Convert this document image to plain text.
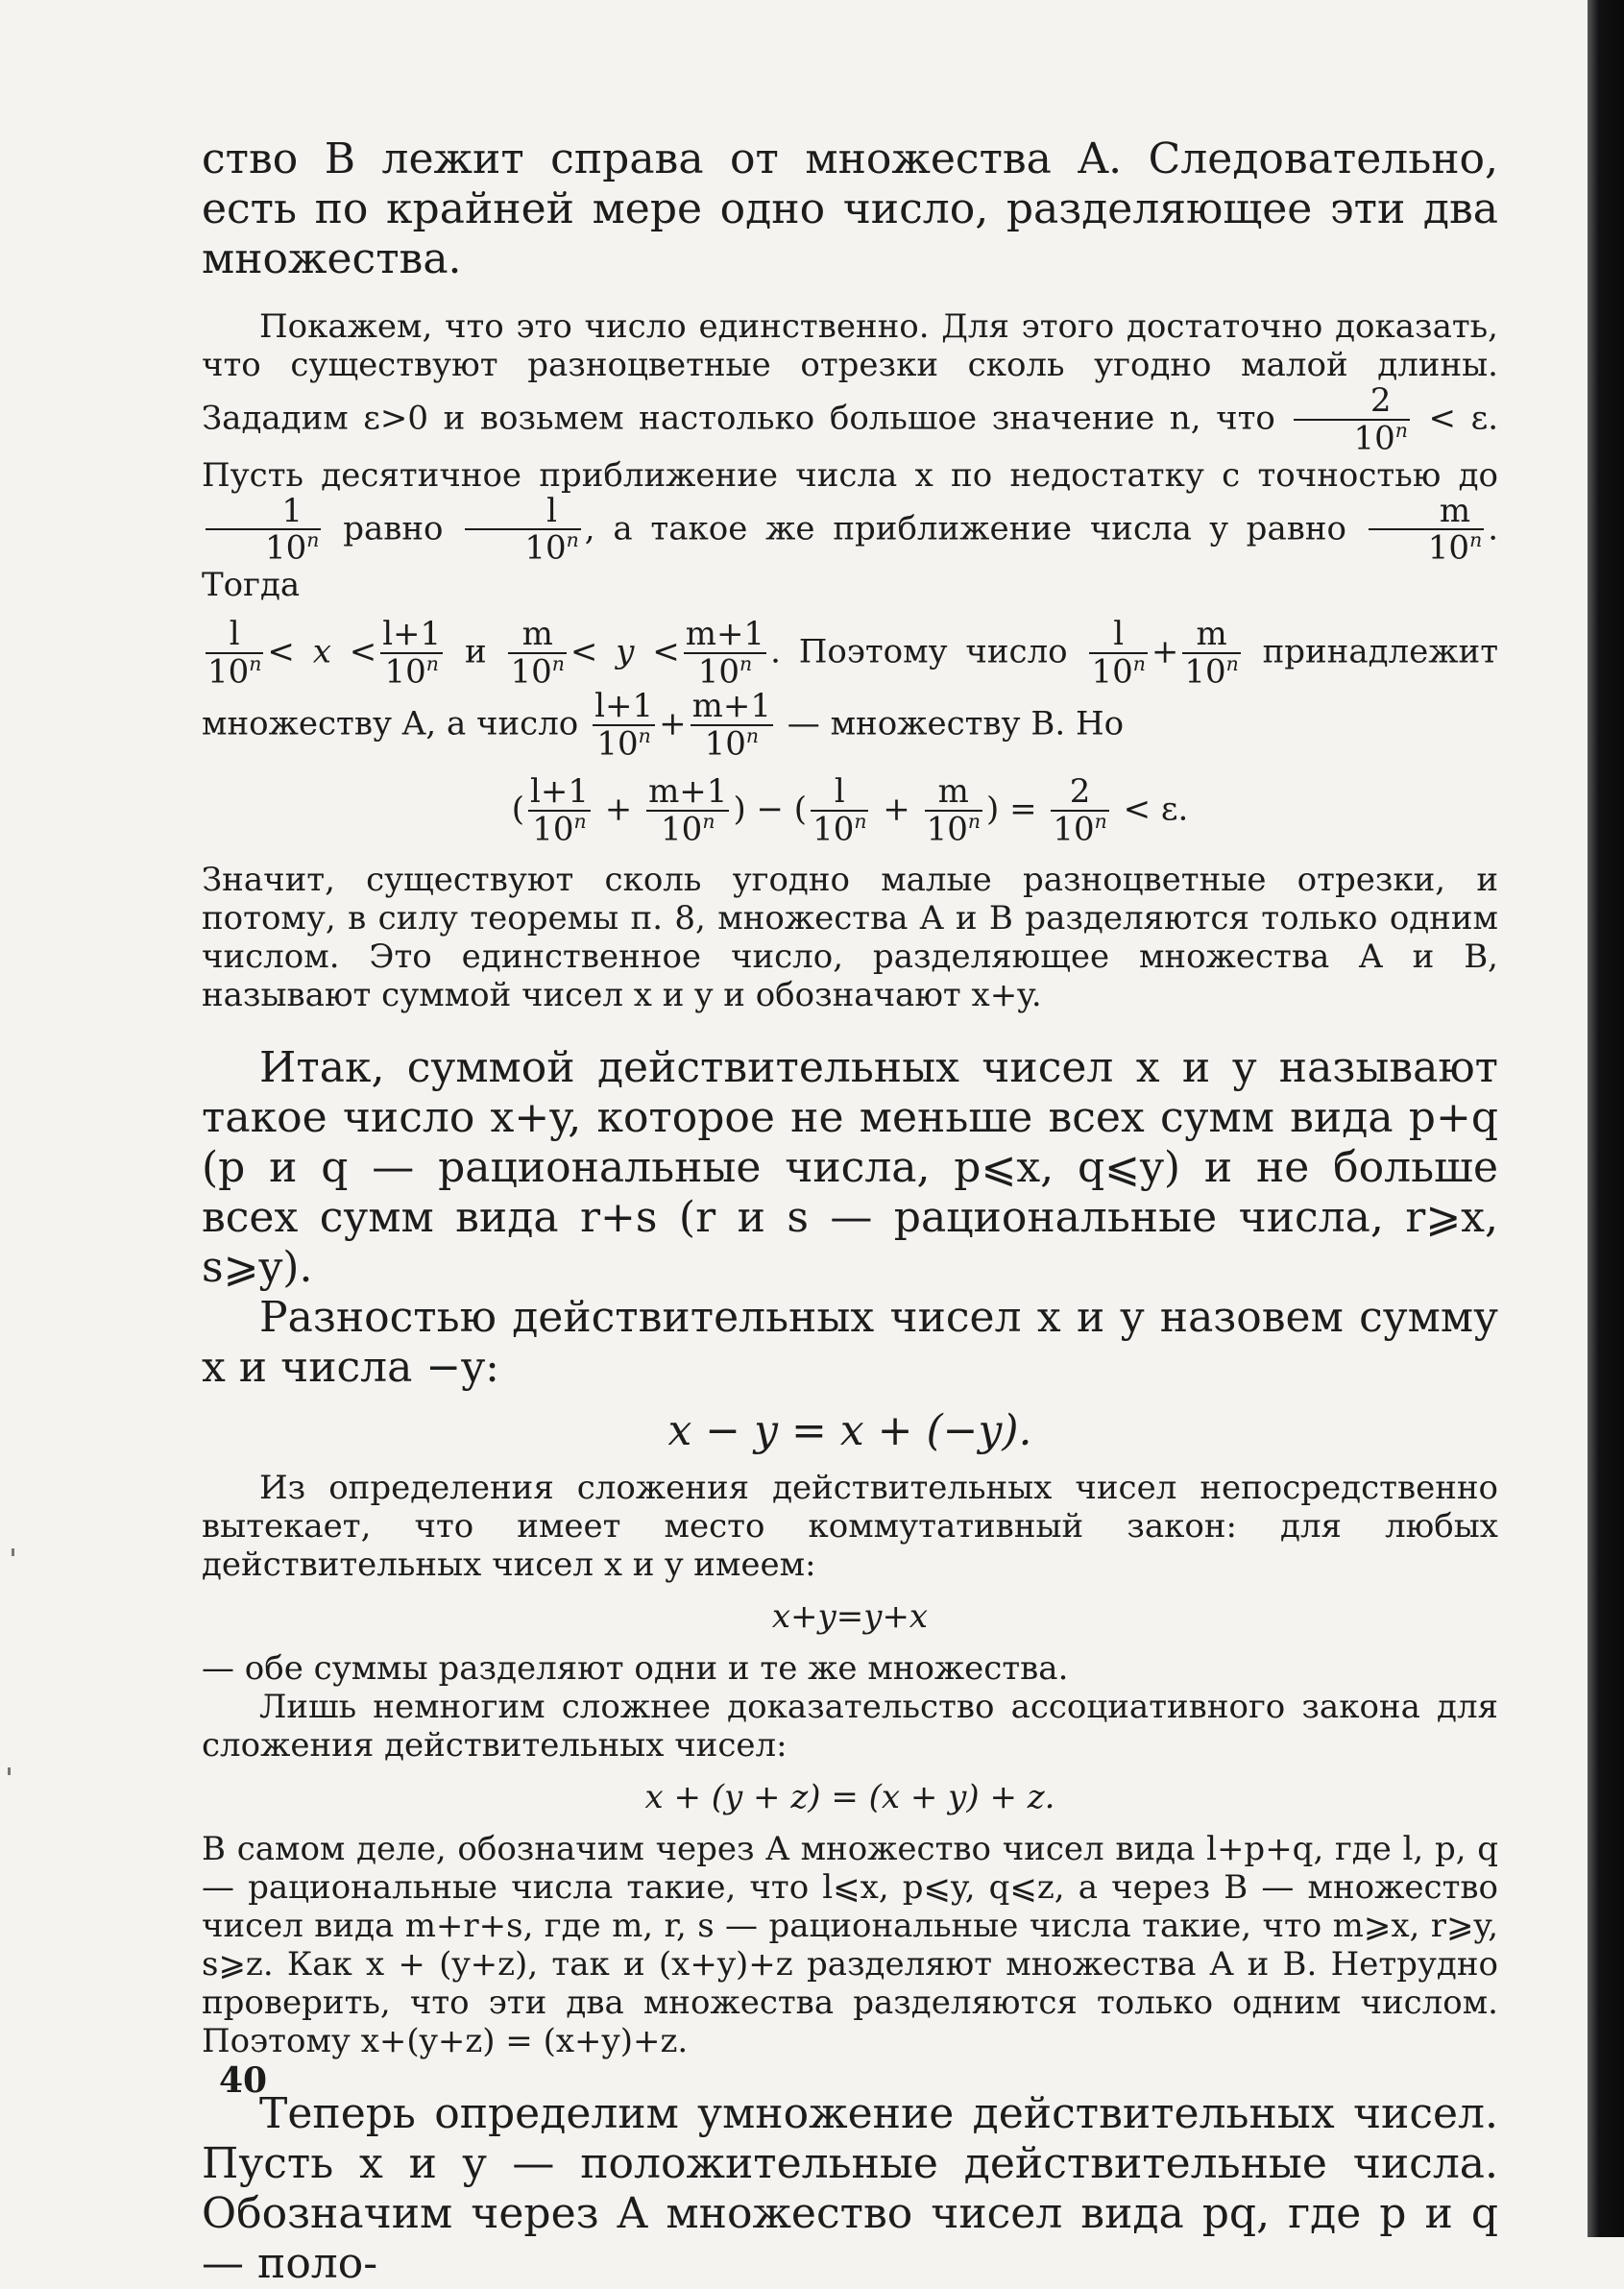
ство B лежит справа от множества A. Следовательно, есть по крайней мере одно число, разделяющее эти два множества.

Покажем, что это число единственно. Для этого достаточно доказать, что существуют разноцветные отрезки сколь угодно малой длины. Зададим ε>0 и возьмем настолько большое значение n, что $\frac{2}{10^n} < \varepsilon$. Пусть десятичное приближение числа x по недостатку с точностью до
$\frac{1}{10^n}$ равно $\frac{l}{10^n}$ , а такое же приближение числа y равно $\frac{m}{10^n}$ . Тогда

$\frac{l}{10^n} < x < \frac{l+1}{10^n}$ и $\frac{m}{10^n} < y < \frac{m+1}{10^n}$ . Поэтому число $\frac{l}{10^n} + \frac{m}{10^n}$ принадлежит множеству A, а число $\frac{l+1}{10^n} + \frac{m+1}{10^n}$ — множеству B. Но

( $\frac{l+1}{10^n} + \frac{m+1}{10^n}$ ) − ( $\frac{l}{10^n} + \frac{m}{10^n}$ ) = $\frac{2}{10^n} < \varepsilon$.

Значит, существуют сколь угодно малые разноцветные отрезки, и потому, в силу теоремы п. 8, множества A и B разделяются только одним числом. Это единственное число, разделяющее множества A и B, называют суммой чисел x и y и обозначают x+y.

Итак, суммой действительных чисел x и y называют такое число x+y, которое не меньше всех сумм вида p+q (p и q — рациональные числа, p⩽x, q⩽y) и не больше всех сумм вида r+s (r и s — рациональные числа, r⩾x, s⩾y).

Разностью действительных чисел x и y назовем сумму x и числа −y:

x − y = x + (−y).

Из определения сложения действительных чисел непосредственно вытекает, что имеет место коммутативный закон: для любых действительных чисел x и y имеем:

x+y=y+x

— обе суммы разделяют одни и те же множества.

Лишь немногим сложнее доказательство ассоциативного закона для сложения действительных чисел:

x + (y + z) = (x + y) + z.

В самом деле, обозначим через A множество чисел вида l+p+q, где l, p, q — рациональные числа такие, что l⩽x, p⩽y, q⩽z, а через B — множество чисел вида m+r+s, где m, r, s — рациональные числа такие, что m⩾x, r⩾y, s⩾z. Как x + (y+z), так и (x+y)+z разделяют множества A и B. Нетрудно проверить, что эти два множества разделяются только одним числом. Поэтому x+(y+z) = (x+y)+z.

Теперь определим умножение действительных чисел. Пусть x и y — положительные действительные числа. Обозначим через A множество чисел вида pq, где p и q — поло-

40
